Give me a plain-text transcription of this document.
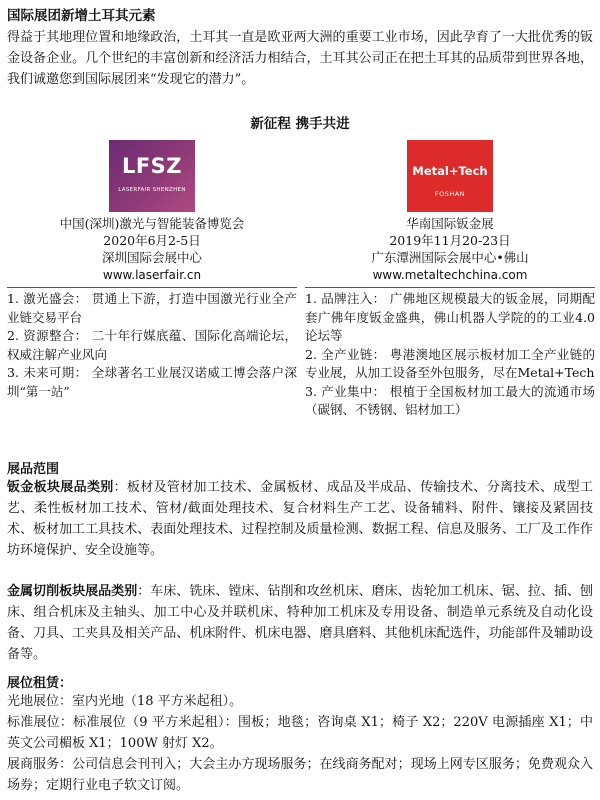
国际展团新增土耳其元素

得益于其地理位置和地缘政治，土耳其一直是欧亚两大洲的重要工业市场，因此孕育了一大批优秀的钣金设备企业。几个世纪的丰富创新和经济活力相结合，土耳其公司正在把土耳其的品质带到世界各地，我们诚邀您到国际展团来“发现它的潜力”。

新征程 携手共进
LFSZ
LASERFAIR SHENZHEN
中国(深圳)激光与智能装备博览会
2020年6月2-5日
深圳国际会展中心
www.laserfair.cn

1. 激光盛会： 贯通上下游，打造中国激光行业全产业链交易平台

2. 资源整合： 二十年行媒底蕴、国际化高端论坛，权威注解产业风向

3. 未来可期： 全球著名工业展汉诺威工博会落户深圳“第一站”

Metal+Tech
FOSHAN
华南国际钣金展
2019年11月20-23日
广东潭洲国际会展中心•佛山
www.metaltechchina.com

1. 品牌注入： 广佛地区规模最大的钣金展，同期配套广佛年度钣金盛典，佛山机器人学院的的工业4.0论坛等

2. 全产业链： 粤港澳地区展示板材加工全产业链的专业展，从加工设备至外包服务，尽在Metal+Tech

3. 产业集中： 根植于全国板材加工最大的流通市场 （碳钢、不锈钢、铝材加工）

展品范围

钣金板块展品类别：板材及管材加工技术、金属板材、成品及半成品、传输技术、分离技术、成型工艺、柔性板材加工技术、管材/截面处理技术、复合材料生产工艺、设备辅料、附件、镶接及紧固技术、板材加工工具技术、表面处理技术、过程控制及质量检测、数据工程、信息及服务、工厂及工作作坊环境保护、安全设施等。

金属切削板块展品类别：车床、铣床、镗床、钻削和攻丝机床、磨床、齿轮加工机床、锯、拉、插、刨床、组合机床及主轴头、加工中心及并联机床、特种加工机床及专用设备、制造单元系统及自动化设备、刀具、工夹具及相关产品、机床附件、机床电器、磨具磨料、其他机床配选件，功能部件及辅助设备等。

展位租赁：

光地展位：室内光地（18 平方米起租）。

标准展位：标准展位（9 平方米起租）：围板；地毯；咨询桌 X1；椅子 X2；220V 电源插座 X1；中英文公司楣板 X1；100W 射灯 X2。

展商服务：公司信息会刊刊入；大会主办方现场服务；在线商务配对；现场上网专区服务；免费观众入场券；定期行业电子软文订阅。
